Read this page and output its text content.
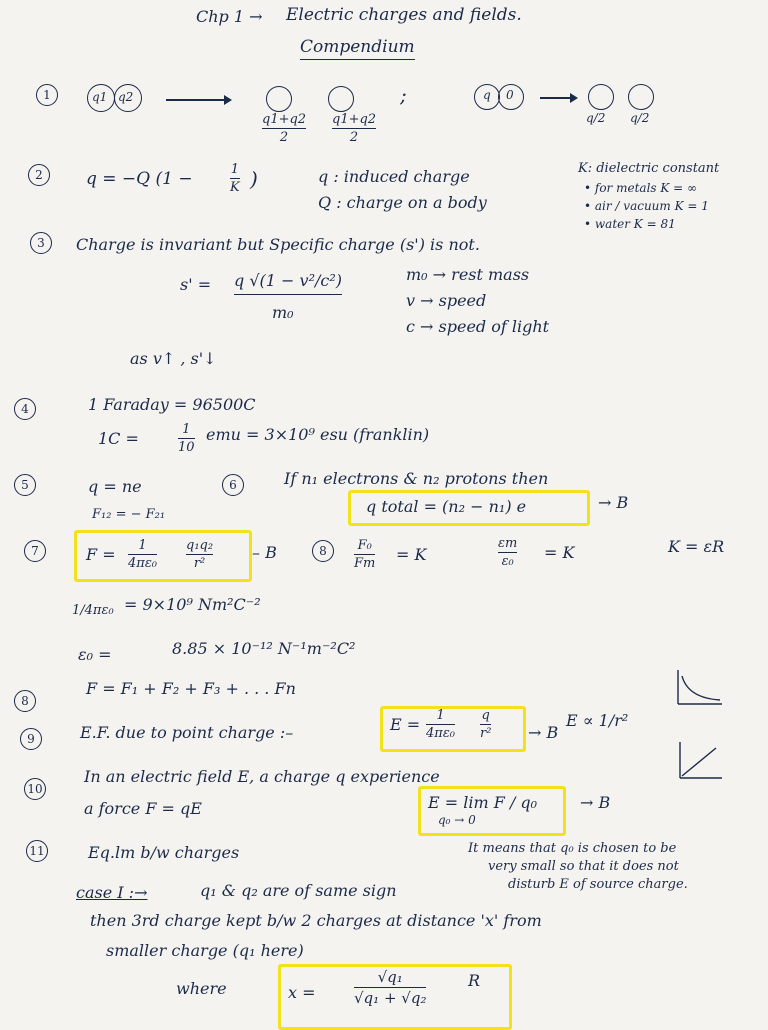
Chp 1 → Electric charges and fields.
Compendium
1	q1 q2
q1+q2
2
q1+q2
2
;	q 0
q/2 q/2
2	q = −Q (1 −	1
K )	q : induced charge
Q : charge on a body
K: dielectric constant
• for metals K = ∞
• air / vacuum K = 1
• water K = 81
3	Charge is invariant but Specific charge (s') is not.
s' = q √(1 − v²/c²)
m₀
m₀ → rest mass
v → speed
c → speed of light
as v↑ , s'↓
4	1 Faraday = 96500C
1C =	1
10
emu = 3×10⁹ esu (franklin)
5	q = ne
F₁₂ = − F₂₁
6	If n₁ electrons & n₂ protons then
q total = (n₂ − n₁) e	→ B
7	F = 1
4πε₀
q₁q₂
r²
– B	8	F₀
Fm = K
εm
ε₀ = K	K = εR
1/4πε₀ = 9×10⁹ Nm²C⁻²
ε₀ =	8.85 × 10⁻¹² N⁻¹m⁻²C²
8
F = F₁ + F₂ + F₃ + . . . Fn
9	E.F. due to point charge :–	E = 1
4πε₀
q
r² → B
E ∝ 1/r²
10
In an electric field E, a charge q experience
a force F = qE	E = lim F / q₀
q₀ → 0
→ B
11	Eq.lm b/w charges	It means that q₀ is chosen to be
very small so that it does not
disturb E of source charge.
case I :→	q₁ & q₂ are of same sign
then 3rd charge kept b/w 2 charges at distance 'x' from
smaller charge (q₁ here)
where	x =
√q₁
√q₁ + √q₂
R
